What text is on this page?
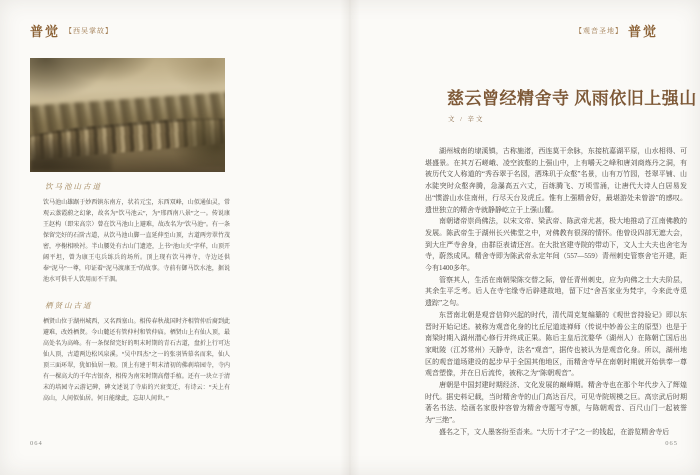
普觉 【西吴掌故】
饮马池山古道

饮马池山雄踞于妙西镇东南方，状若元宝，东西双峰，山似通仙灵，常观云蒸霞蔚之幻象，故名为“饮马池云”，为“邢西南八景”之一。传说康王赵构（即宋高宗）曾在饮马池山上避难，故改名为“饮马池”。有一条保留完好的石阶古道，从饮马池山脚一直延伸至山顶，古道两旁翠竹茂密，亭榭相映衬。半山腰处有古山门遗迹，上书“池山关”字样，山顶开阔平坦，曾为康王屯兵练兵的场所。顶上现有饮马禅寺，寺边还供奉“泥马”一尊，印证着“泥马渡康王”的故事。寺前有御马饮水池，据说池水可供千人饮用而不干涸。

栖贤山古道

栖贤山位于湖州城西，又名西塞山。相传春秋战国时齐相管仲后裔到此避难，改姓栖贤。今山麓还有管仲村和管仲庙。栖贤山上有仙人顶，最高处名为高峰。有一条保留完好的明末时期的青石古道，盘折上行可达仙人顶，古道两边松风泉溪。“吴中四杰”之一的张羽皆慕名而来，仙人顶三面环翠，犹如仙居一般。顶上有建于明末清初的佛刹培园寺，寺内有一棵高大的千年古银杏，相传为南宋时期高僧手植。还有一块立于清末的培园寺云游记碑，碑文述说了寺庙的兴衰变迁，有诗云：“天上有高山，人间似仙居。何日能缘此，忘却人间世。”

064
【观音圣地】 普觉
慈云曾经精舍寺 风雨依旧上强山
文 / 辛文

湖州城南的埭溪镇，古称施渚，西连莫干余脉，东接杭嘉湖平原，山水相得、可堪盛景。在其万石嵯峨、凌空波壑的上强山中，上有嚼天之峰和唐刘商炼丹之洞，有被历代文人称道的“秀吞翠于名园，洒珠玑于众壑”名景，山有万竹园，苍翠平铺、山水陡突时众壑奔腾，急瀑高五六丈，百练腾飞、万顷雪涌，让唐代大诗人白居易发出“惯游山水住南州，行尽天台及虎丘。惟有上强精舍好，最堪游处未曾游”的感叹。遗世独立的精舍寺就静静屹立于上强山麓。

南朝诸帝崇尚佛法，以宋文帝、梁武帝、陈武帝尤甚，极大地推动了江南佛教的发展。陈武帝生于湖州长兴佛堂之中，对佛教有很深的情怀。他曾设四部无遮大会，到大庄严寺舍身，由群臣表请还宫。在大批宫建寺院的带动下，文人士大夫也舍宅为寺，蔚然成风。精舍寺即为陈武帝永定年间（557—559）青州刺史管察舍宅开建，距今有1400多年。

管察其人，生活在南朝梁陈交替之际，曾任青州刺史，应为向佛之士大夫阶层，其余生平乏考。后人在寺宅缘寺后辟建故地，留下过“舍吾家业为梵宇，今来此寺觅遗踪”之句。

东晋南北朝是观音信仰兴起的时代，清代周克复编纂的《观世音持验记》即以东晋时开始记述。被称为观音化身的比丘尼道迹禅师（传说中妙善公主的原型）也是于南梁时期入湖州潜心修行并终成正果。陈后主皇后沈婺华（湖州人）在陈朝亡国后出家毗陵（江苏常州）天静寺，法名“观音”，据传也被认为是观音化身。所以，湖州地区的观音道场建设的起步早于全国其他地区，而精舍寺早在南朝时期就开始供奉一尊观音塑像，并在日后流传，被称之为“陈朝观音”。

唐朝是中国封建时期经济、文化发展的巅峰期。精舍寺也在那个年代步入了辉煌时代。据史料记载，当时精舍寺的山门高达百尺，可见寺院规模之巨。高宗武后时期著名书法、绘画名家殷仲容曾为精舍寺题写寺额，与陈朝观音、百尺山门一起被誉为“三绝”。

盛名之下，文人墨客纷至沓来。“大历十才子”之一的钱起，在游览精舍寺后

065
